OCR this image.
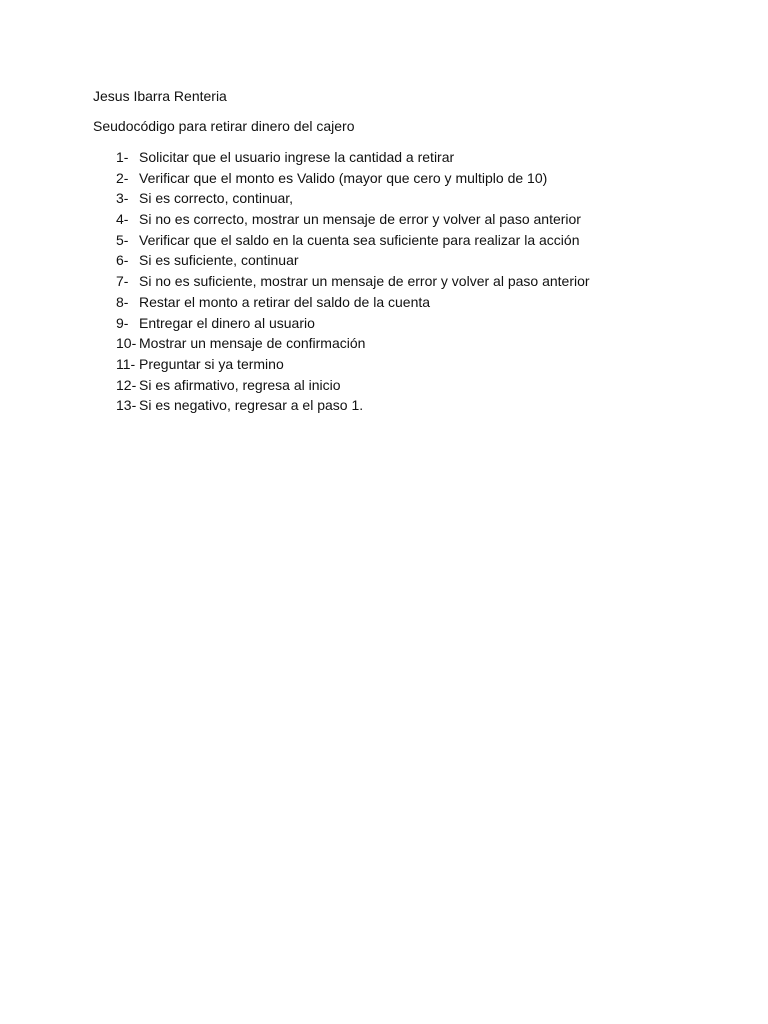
Jesus Ibarra Renteria

Seudocódigo para retirar dinero del cajero

1- Solicitar que el usuario ingrese la cantidad a retirar
2- Verificar que el monto es Valido (mayor que cero y multiplo de 10)
3- Si es correcto, continuar,
4- Si no es correcto, mostrar un mensaje de error y volver al paso anterior
5- Verificar que el saldo en la cuenta sea suficiente para realizar la acción
6- Si es suficiente, continuar
7- Si no es suficiente, mostrar un mensaje de error y volver al paso anterior
8- Restar el monto a retirar del saldo de la cuenta
9- Entregar el dinero al usuario
10- Mostrar un mensaje de confirmación
11- Preguntar si ya termino
12- Si es afirmativo, regresa al inicio
13- Si es negativo, regresar a el paso 1.
